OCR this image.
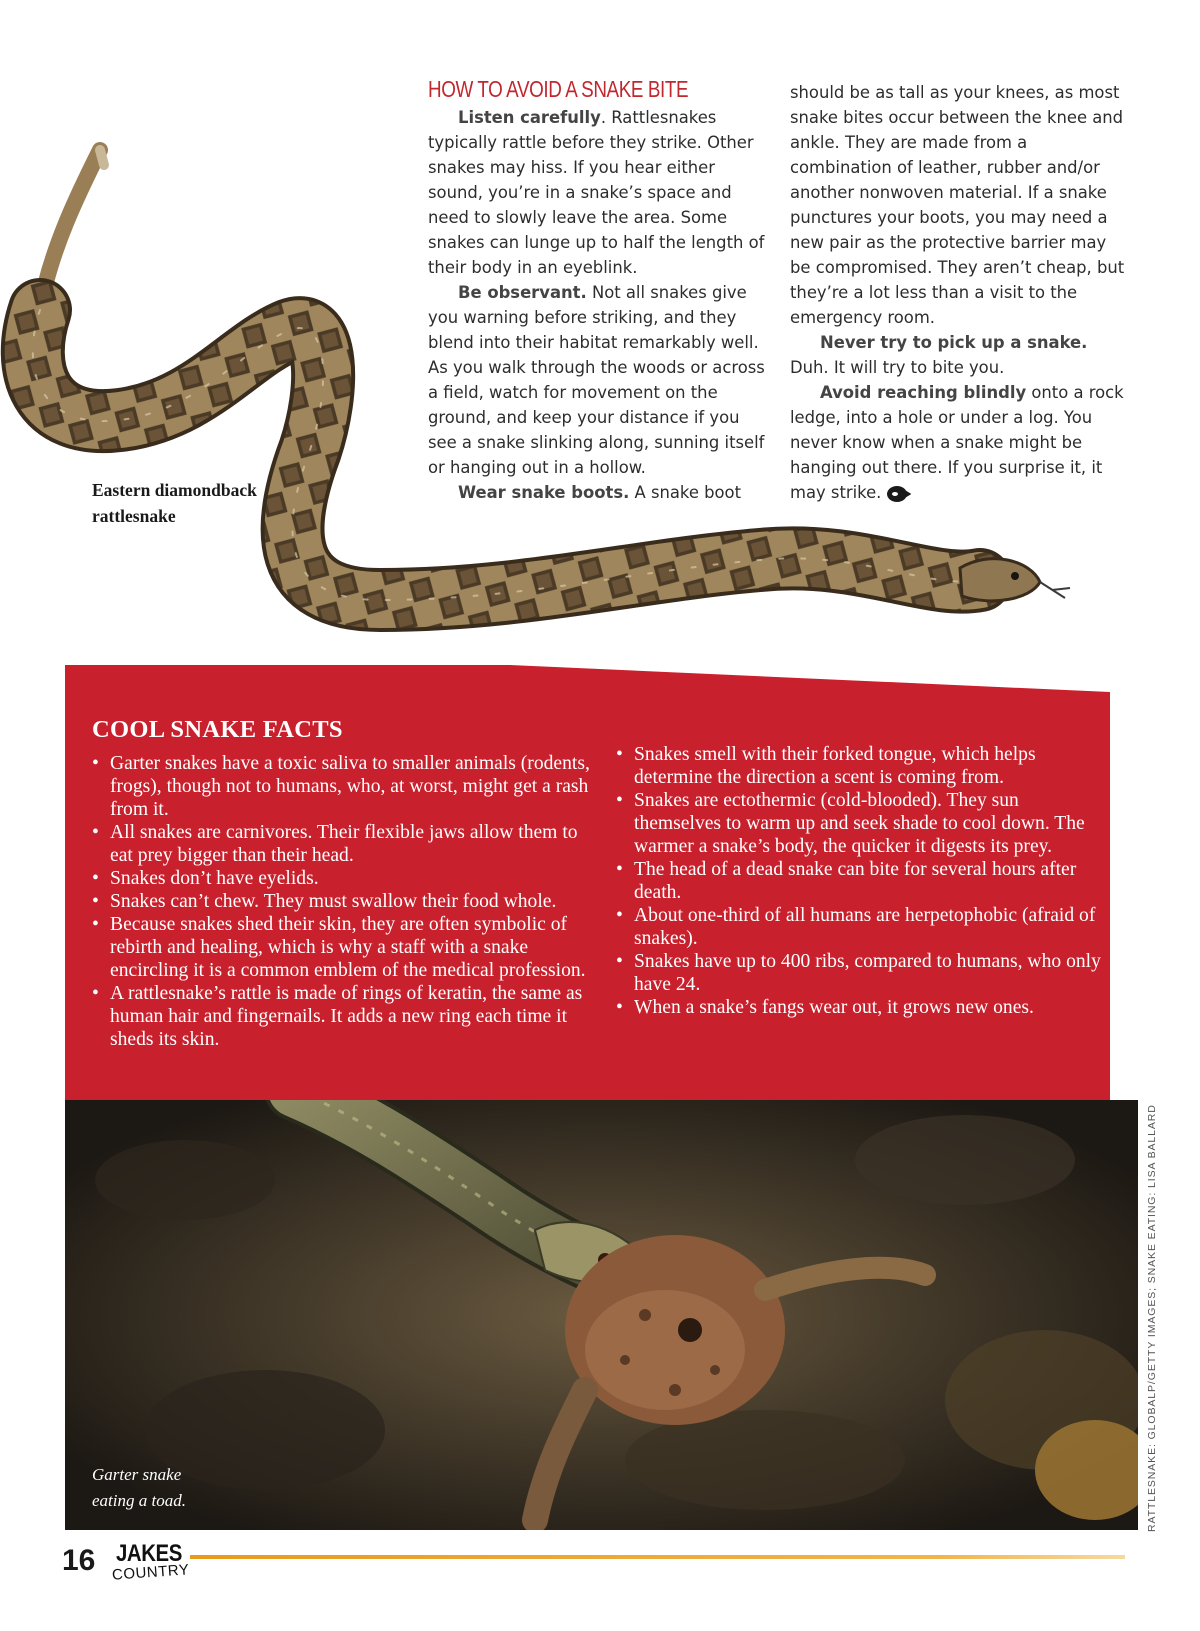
Eastern diamondback
rattlesnake
HOW TO AVOID A SNAKE BITE

Listen carefully. Rattlesnakes typically rattle before they strike. Other snakes may hiss. If you hear either sound, you’re in a snake’s space and need to slowly leave the area. Some snakes can lunge up to half the length of their body in an eyeblink.

Be observant. Not all snakes give you warning before striking, and they blend into their habitat remarkably well. As you walk through the woods or across a field, watch for movement on the ground, and keep your distance if you see a snake slinking along, sunning itself or hanging out in a hollow.

Wear snake boots. A snake boot

should be as tall as your knees, as most snake bites occur between the knee and ankle. They are made from a combination of leather, rubber and/or another nonwoven material. If a snake punctures your boots, you may need a new pair as the protective barrier may be compromised. They aren’t cheap, but they’re a lot less than a visit to the emergency room.

Never try to pick up a snake. Duh. It will try to bite you.

Avoid reaching blindly onto a rock ledge, into a hole or under a log. You never know when a snake might be hanging out there. If you surprise it, it may strike.

COOL SNAKE FACTS
• Garter snakes have a toxic saliva to smaller animals (rodents, frogs), though not to humans, who, at worst, might get a rash from it.
• All snakes are carnivores. Their flexible jaws allow them to eat prey bigger than their head.
• Snakes don’t have eyelids.
• Snakes can’t chew. They must swallow their food whole.
• Because snakes shed their skin, they are often symbolic of rebirth and healing, which is why a staff with a snake encircling it is a common emblem of the medical profession.
• A rattlesnake’s rattle is made of rings of keratin, the same as human hair and fingernails. It adds a new ring each time it sheds its skin.
• Snakes smell with their forked tongue, which helps determine the direction a scent is coming from.
• Snakes are ectothermic (cold-blooded). They sun themselves to warm up and seek shade to cool down. The warmer a snake’s body, the quicker it digests its prey.
• The head of a dead snake can bite for several hours after death.
• About one-third of all humans are herpetophobic (afraid of snakes).
• Snakes have up to 400 ribs, compared to humans, who only have 24.
• When a snake’s fangs wear out, it grows new ones.
Garter snake
eating a toad.	RATTLESNAKE: GLOBALP/GETTY IMAGES; SNAKE EATING: LISA BALLARD
16 JAKES
COUNTRY
